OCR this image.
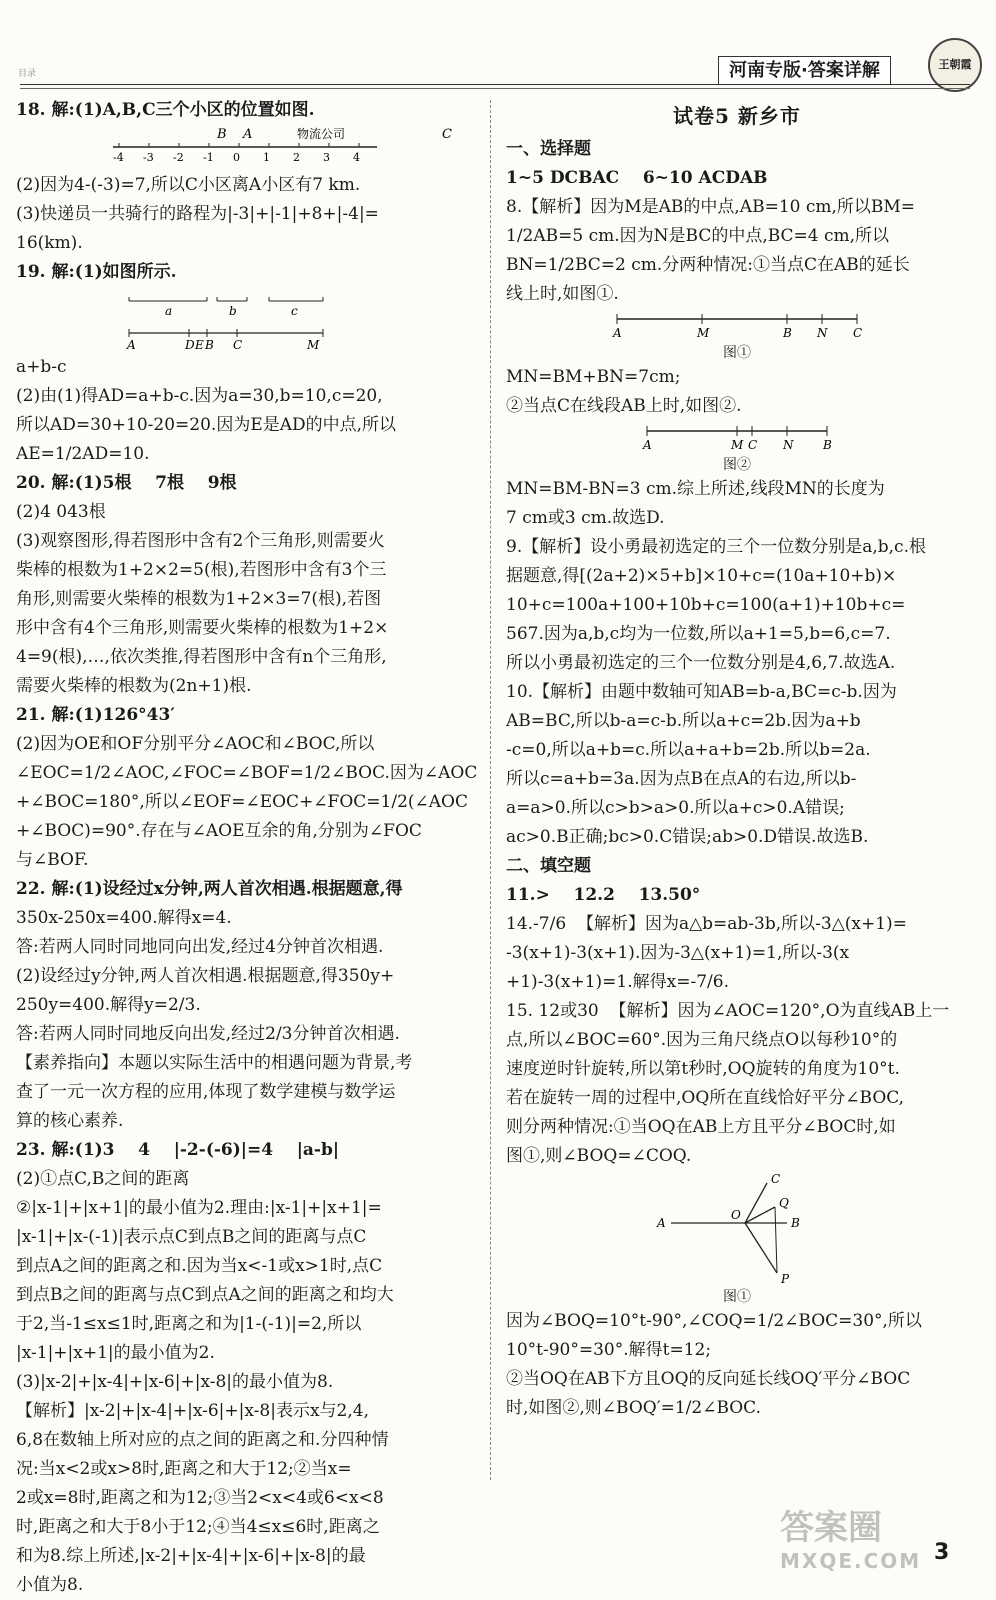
目录	河南专版·答案详解	王朝霞

18. 解:(1)A,B,C三个小区的位置如图.

B A	物流公司	C
-4 -3 -2 -1 0 1 2 3 4

(2)因为4-(-3)=7,所以C小区离A小区有7 km.

(3)快递员一共骑行的路程为|-3|+|-1|+8+|-4|=

16(km).

19. 解:(1)如图所示.

a	b	c
A	D E B C	M

a+b-c

(2)由(1)得AD=a+b-c.因为a=30,b=10,c=20,

所以AD=30+10-20=20.因为E是AD的中点,所以

AE=1/2AD=10.

20. 解:(1)5根    7根    9根

(2)4 043根

(3)观察图形,得若图形中含有2个三角形,则需要火

柴棒的根数为1+2×2=5(根),若图形中含有3个三

角形,则需要火柴棒的根数为1+2×3=7(根),若图

形中含有4个三角形,则需要火柴棒的根数为1+2×

4=9(根),…,依次类推,得若图形中含有n个三角形,

需要火柴棒的根数为(2n+1)根.

21. 解:(1)126°43′

(2)因为OE和OF分别平分∠AOC和∠BOC,所以

∠EOC=1/2∠AOC,∠FOC=∠BOF=1/2∠BOC.因为∠AOC

+∠BOC=180°,所以∠EOF=∠EOC+∠FOC=1/2(∠AOC

+∠BOC)=90°.存在与∠AOE互余的角,分别为∠FOC

与∠BOF.

22. 解:(1)设经过x分钟,两人首次相遇.根据题意,得

350x-250x=400.解得x=4.

答:若两人同时同地同向出发,经过4分钟首次相遇.

(2)设经过y分钟,两人首次相遇.根据题意,得350y+

250y=400.解得y=2/3.

答:若两人同时同地反向出发,经过2/3分钟首次相遇.

【素养指向】本题以实际生活中的相遇问题为背景,考

查了一元一次方程的应用,体现了数学建模与数学运

算的核心素养.

23. 解:(1)3    4    |-2-(-6)|=4    |a-b|

(2)①点C,B之间的距离

②|x-1|+|x+1|的最小值为2.理由:|x-1|+|x+1|=

|x-1|+|x-(-1)|表示点C到点B之间的距离与点C

到点A之间的距离之和.因为当x<-1或x>1时,点C

到点B之间的距离与点C到点A之间的距离之和均大

于2,当-1≤x≤1时,距离之和为|1-(-1)|=2,所以

|x-1|+|x+1|的最小值为2.

(3)|x-2|+|x-4|+|x-6|+|x-8|的最小值为8.

【解析】|x-2|+|x-4|+|x-6|+|x-8|表示x与2,4,

6,8在数轴上所对应的点之间的距离之和.分四种情

况:当x<2或x>8时,距离之和大于12;②当x=

2或x=8时,距离之和为12;③当2<x<4或6<x<8

时,距离之和大于8小于12;④当4≤x≤6时,距离之

和为8.综上所述,|x-2|+|x-4|+|x-6|+|x-8|的最

小值为8.

试卷5 新乡市

一、选择题

1~5 DCBAC    6~10 ACDAB

8.【解析】因为M是AB的中点,AB=10 cm,所以BM=

1/2AB=5 cm.因为N是BC的中点,BC=4 cm,所以

BN=1/2BC=2 cm.分两种情况:①当点C在AB的延长

线上时,如图①.

A	M	B N C
图①

MN=BM+BN=7cm;

②当点C在线段AB上时,如图②.

A	M C N B
图②

MN=BM-BN=3 cm.综上所述,线段MN的长度为

7 cm或3 cm.故选D.

9.【解析】设小勇最初选定的三个一位数分别是a,b,c.根

据题意,得[(2a+2)×5+b]×10+c=(10a+10+b)×

10+c=100a+100+10b+c=100(a+1)+10b+c=

567.因为a,b,c均为一位数,所以a+1=5,b=6,c=7.

所以小勇最初选定的三个一位数分别是4,6,7.故选A.

10.【解析】由题中数轴可知AB=b-a,BC=c-b.因为

AB=BC,所以b-a=c-b.所以a+c=2b.因为a+b

-c=0,所以a+b=c.所以a+a+b=2b.所以b=2a.

所以c=a+b=3a.因为点B在点A的右边,所以b-

a=a>0.所以c>b>a>0.所以a+c>0.A错误;

ac>0.B正确;bc>0.C错误;ab>0.D错误.故选B.

二、填空题

11.>    12.2    13.50°

14.-7/6  【解析】因为a△b=ab-3b,所以-3△(x+1)=

-3(x+1)-3(x+1).因为-3△(x+1)=1,所以-3(x

+1)-3(x+1)=1.解得x=-7/6.

15. 12或30  【解析】因为∠AOC=120°,O为直线AB上一

点,所以∠BOC=60°.因为三角尺绕点O以每秒10°的

速度逆时针旋转,所以第t秒时,OQ旋转的角度为10°t.

若在旋转一周的过程中,OQ所在直线恰好平分∠BOC,

则分两种情况:①当OQ在AB上方且平分∠BOC时,如

图①,则∠BOQ=∠COQ.

C
Q
A
O
B
P
图①

因为∠BOQ=10°t-90°,∠COQ=1/2∠BOC=30°,所以

10°t-90°=30°.解得t=12;

②当OQ在AB下方且OQ的反向延长线OQ′平分∠BOC

时,如图②,则∠BOQ′=1/2∠BOC.

答案圈
MXQE.COM 3
